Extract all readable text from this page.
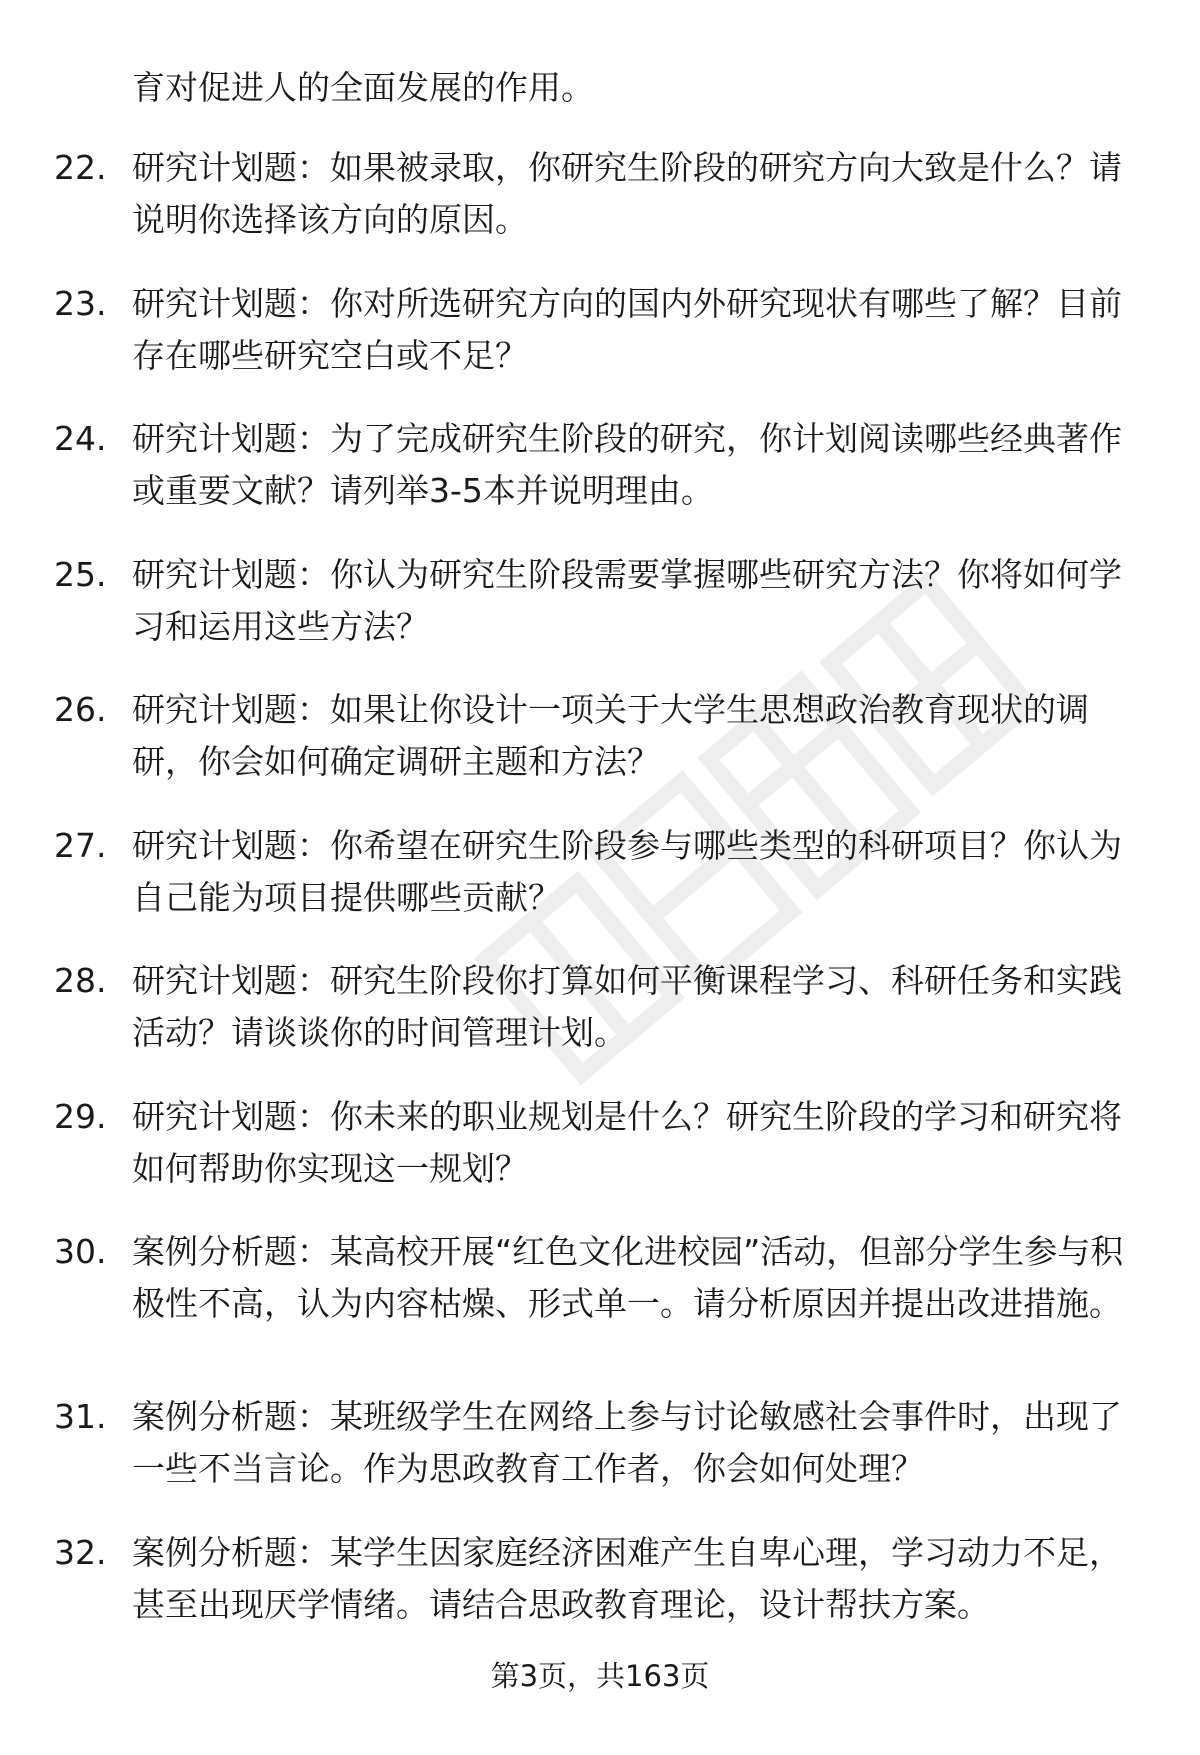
育对促进人的全面发展的作用。

22. 研究计划题：如果被录取，你研究生阶段的研究方向大致是什么？请说明你选择该方向的原因。

23. 研究计划题：你对所选研究方向的国内外研究现状有哪些了解？目前存在哪些研究空白或不足？

24. 研究计划题：为了完成研究生阶段的研究，你计划阅读哪些经典著作或重要文献？请列举3-5本并说明理由。

25. 研究计划题：你认为研究生阶段需要掌握哪些研究方法？你将如何学习和运用这些方法？

26. 研究计划题：如果让你设计一项关于大学生思想政治教育现状的调研，你会如何确定调研主题和方法？

27. 研究计划题：你希望在研究生阶段参与哪些类型的科研项目？你认为自己能为项目提供哪些贡献？

28. 研究计划题：研究生阶段你打算如何平衡课程学习、科研任务和实践活动？请谈谈你的时间管理计划。

29. 研究计划题：你未来的职业规划是什么？研究生阶段的学习和研究将如何帮助你实现这一规划？

30. 案例分析题：某高校开展“红色文化进校园”活动，但部分学生参与积极性不高，认为内容枯燥、形式单一。请分析原因并提出改进措施。

31. 案例分析题：某班级学生在网络上参与讨论敏感社会事件时，出现了一些不当言论。作为思政教育工作者，你会如何处理？

32. 案例分析题：某学生因家庭经济困难产生自卑心理，学习动力不足，甚至出现厌学情绪。请结合思政教育理论，设计帮扶方案。

第3页，共163页
